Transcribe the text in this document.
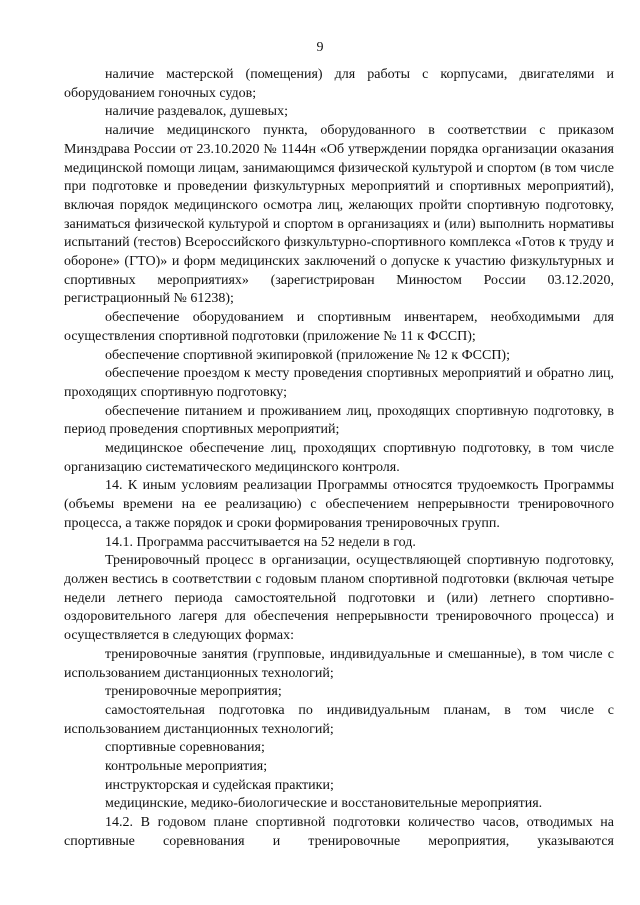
9

наличие мастерской (помещения) для работы с корпусами, двигателями и оборудованием гоночных судов;

наличие раздевалок, душевых;

наличие медицинского пункта, оборудованного в соответствии с приказом Минздрава России от 23.10.2020 № 1144н «Об утверждении порядка организации оказания медицинской помощи лицам, занимающимся физической культурой и спортом (в том числе при подготовке и проведении физкультурных мероприятий и спортивных мероприятий), включая порядок медицинского осмотра лиц, желающих пройти спортивную подготовку, заниматься физической культурой и спортом в организациях и (или) выполнить нормативы испытаний (тестов) Всероссийского физкультурно-спортивного комплекса «Готов к труду и обороне» (ГТО)» и форм медицинских заключений о допуске к участию физкультурных и спортивных мероприятиях» (зарегистрирован Минюстом России 03.12.2020, регистрационный № 61238);

обеспечение оборудованием и спортивным инвентарем, необходимыми для осуществления спортивной подготовки (приложение № 11 к ФССП);

обеспечение спортивной экипировкой (приложение № 12 к ФССП);

обеспечение проездом к месту проведения спортивных мероприятий и обратно лиц, проходящих спортивную подготовку;

обеспечение питанием и проживанием лиц, проходящих спортивную подготовку, в период проведения спортивных мероприятий;

медицинское обеспечение лиц, проходящих спортивную подготовку, в том числе организацию систематического медицинского контроля.

14. К иным условиям реализации Программы относятся трудоемкость Программы (объемы времени на ее реализацию) с обеспечением непрерывности тренировочного процесса, а также порядок и сроки формирования тренировочных групп.

14.1. Программа рассчитывается на 52 недели в год.

Тренировочный процесс в организации, осуществляющей спортивную подготовку, должен вестись в соответствии с годовым планом спортивной подготовки (включая четыре недели летнего периода самостоятельной подготовки и (или) летнего спортивно-оздоровительного лагеря для обеспечения непрерывности тренировочного процесса) и осуществляется в следующих формах:

тренировочные занятия (групповые, индивидуальные и смешанные), в том числе с использованием дистанционных технологий;

тренировочные мероприятия;

самостоятельная подготовка по индивидуальным планам, в том числе с использованием дистанционных технологий;

спортивные соревнования;

контрольные мероприятия;

инструкторская и судейская практики;

медицинские, медико-биологические и восстановительные мероприятия.

14.2. В годовом плане спортивной подготовки количество часов, отводимых на спортивные соревнования и тренировочные мероприятия, указываются
